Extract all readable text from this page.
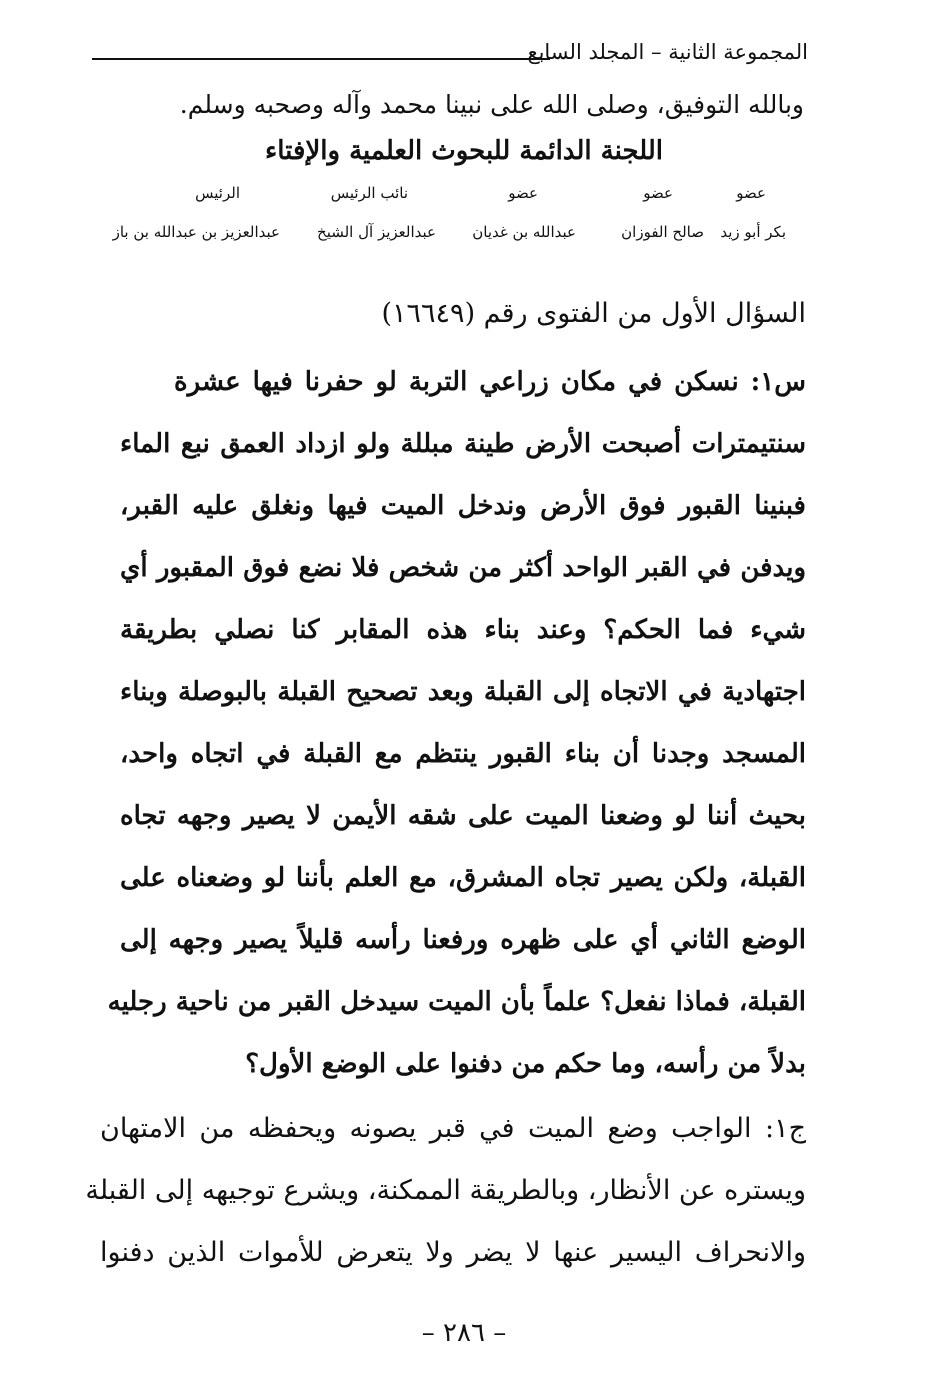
المجموعة الثانية – المجلد السابع
وبالله التوفيق، وصلى الله على نبينا محمد وآله وصحبه وسلم.
اللجنة الدائمة للبحوث العلمية والإفتاء
عضو
عضو
عضو
نائب الرئيس
الرئيس
بكر أبو زيد
صالح الفوزان
عبدالله بن غديان
عبدالعزيز آل الشيخ
عبدالعزيز بن عبدالله بن باز
السؤال الأول من الفتوى رقم (١٦٦٤٩)
س١: نسكن في مكان زراعي التربة لو حفرنا فيها عشرة
سنتيمترات أصبحت الأرض طينة مبللة ولو ازداد العمق نبع الماء
فبنينا القبور فوق الأرض وندخل الميت فيها ونغلق عليه القبر،
ويدفن في القبر الواحد أكثر من شخص فلا نضع فوق المقبور أي
شيء فما الحكم؟ وعند بناء هذه المقابر كنا نصلي بطريقة
اجتهادية في الاتجاه إلى القبلة وبعد تصحيح القبلة بالبوصلة وبناء
المسجد وجدنا أن بناء القبور ينتظم مع القبلة في اتجاه واحد،
بحيث أننا لو وضعنا الميت على شقه الأيمن لا يصير وجهه تجاه
القبلة، ولكن يصير تجاه المشرق، مع العلم بأننا لو وضعناه على
الوضع الثاني أي على ظهره ورفعنا رأسه قليلاً يصير وجهه إلى
القبلة، فماذا نفعل؟ علماً بأن الميت سيدخل القبر من ناحية رجليه
بدلاً من رأسه، وما حكم من دفنوا على الوضع الأول؟
ج١: الواجب وضع الميت في قبر يصونه ويحفظه من الامتهان
ويستره عن الأنظار، وبالطريقة الممكنة، ويشرع توجيهه إلى القبلة
والانحراف اليسير عنها لا يضر ولا يتعرض للأموات الذين دفنوا
– ٢٨٦ –
